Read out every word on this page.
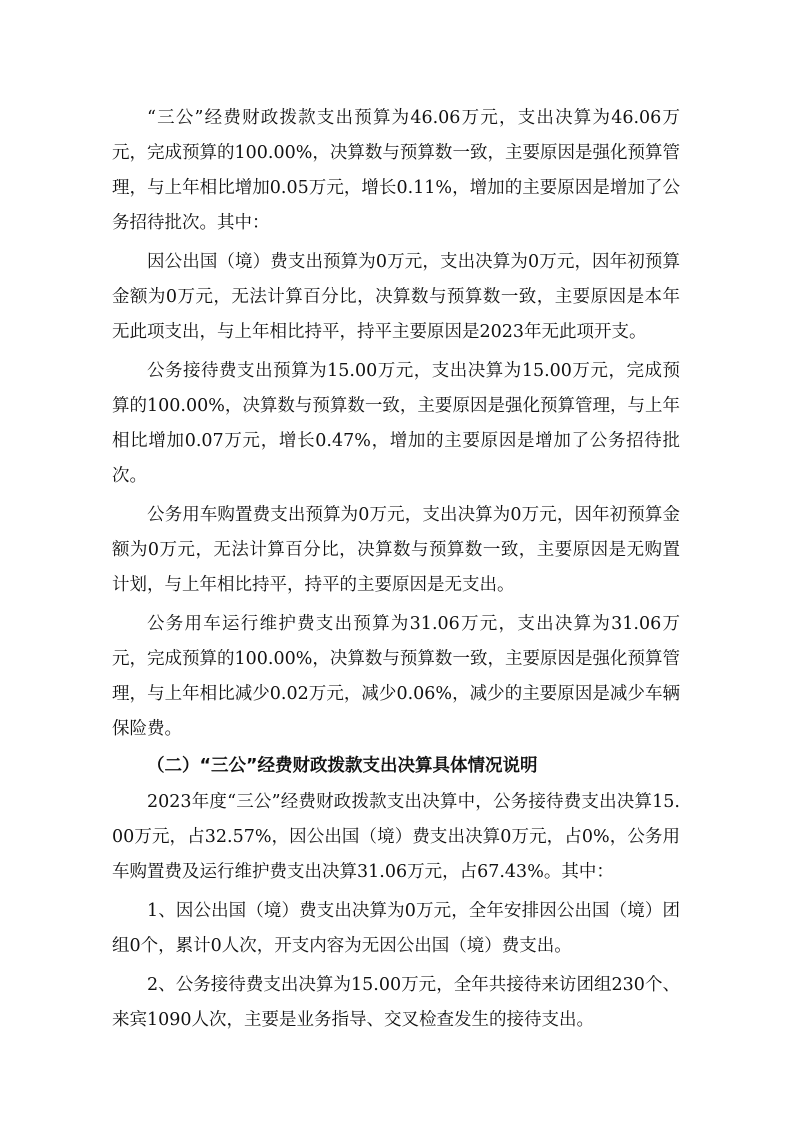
“三公”经费财政拨款支出预算为46.06万元，支出决算为46.06万元，完成预算的100.00%，决算数与预算数一致，主要原因是强化预算管理，与上年相比增加0.05万元，增长0.11%，增加的主要原因是增加了公务招待批次。其中：

因公出国（境）费支出预算为0万元，支出决算为0万元，因年初预算金额为0万元，无法计算百分比，决算数与预算数一致，主要原因是本年无此项支出，与上年相比持平，持平主要原因是2023年无此项开支。

公务接待费支出预算为15.00万元，支出决算为15.00万元，完成预算的100.00%，决算数与预算数一致，主要原因是强化预算管理，与上年相比增加0.07万元，增长0.47%，增加的主要原因是增加了公务招待批次。

公务用车购置费支出预算为0万元，支出决算为0万元，因年初预算金额为0万元，无法计算百分比，决算数与预算数一致，主要原因是无购置计划，与上年相比持平，持平的主要原因是无支出。

公务用车运行维护费支出预算为31.06万元，支出决算为31.06万元，完成预算的100.00%，决算数与预算数一致，主要原因是强化预算管理，与上年相比减少0.02万元，减少0.06%，减少的主要原因是减少车辆保险费。

（二）“三公”经费财政拨款支出决算具体情况说明

2023年度“三公”经费财政拨款支出决算中，公务接待费支出决算15.00万元，占32.57%，因公出国（境）费支出决算0万元，占0%，公务用车购置费及运行维护费支出决算31.06万元，占67.43%。其中：

1、因公出国（境）费支出决算为0万元，全年安排因公出国（境）团组0个，累计0人次，开支内容为无因公出国（境）费支出。

2、公务接待费支出决算为15.00万元，全年共接待来访团组230个、来宾1090人次，主要是业务指导、交叉检查发生的接待支出。
